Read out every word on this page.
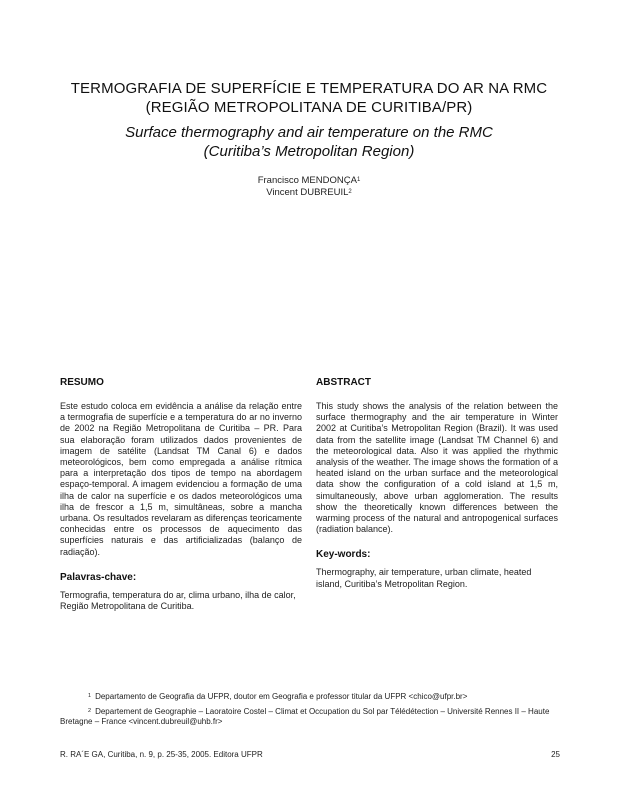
TERMOGRAFIA DE SUPERFÍCIE E TEMPERATURA DO AR NA RMC
(REGIÃO METROPOLITANA DE CURITIBA/PR)
Surface thermography and air temperature on the RMC
(Curitiba’s Metropolitan Region)
Francisco MENDONÇA$^1$
Vincent DUBREUIL$^2$
RESUMO

Este estudo coloca em evidência a análise da relação entre a termografia de superfície e a temperatura do ar no inverno de 2002 na Região Metropolitana de Curitiba – PR. Para sua elaboração foram utilizados dados provenientes de imagem de satélite (Landsat TM Canal 6) e dados meteorológicos, bem como empregada a análise rítmica para a interpretação dos tipos de tempo na abordagem espaço-temporal. A imagem evidenciou a formação de uma ilha de calor na superfície e os dados meteorológicos uma ilha de frescor a 1,5 m, simultâneas, sobre a mancha urbana. Os resultados revelaram as diferenças teoricamente conhecidas entre os processos de aquecimento das superfícies naturais e das artificializadas (balanço de radiação).

Palavras-chave:

Termografia, temperatura do ar, clima urbano, ilha de calor, Região Metropolitana de Curitiba.

ABSTRACT

This study shows the analysis of the relation between the surface thermography and the air temperature in Winter 2002 at Curitiba’s Metropolitan Region (Brazil). It was used data from the satellite image (Landsat TM Channel 6) and the meteorological data. Also it was applied the rhythmic analysis of the weather. The image shows the formation of a heated island on the urban surface and the meteorological data show the configuration of a cold island at 1,5 m, simultaneously, above urban agglomeration. The results show the theoretically known differences between the warming process of the natural and antropogenical surfaces (radiation balance).

Key-words:

Thermography, air temperature, urban climate, heated island, Curitiba’s Metropolitan Region.

$^1$ Departamento de Geografia da UFPR, doutor em Geografia e professor titular da UFPR <chico@ufpr.br>

$^2$ Departement de Geographie – Laoratoire Costel – Climat et Occupation du Sol par Télédétection – Université Rennes II – Haute Bretagne – France <vincent.dubreuil@uhb.fr>

R. RA´E GA, Curitiba, n. 9, p. 25-35, 2005. Editora UFPR	25
